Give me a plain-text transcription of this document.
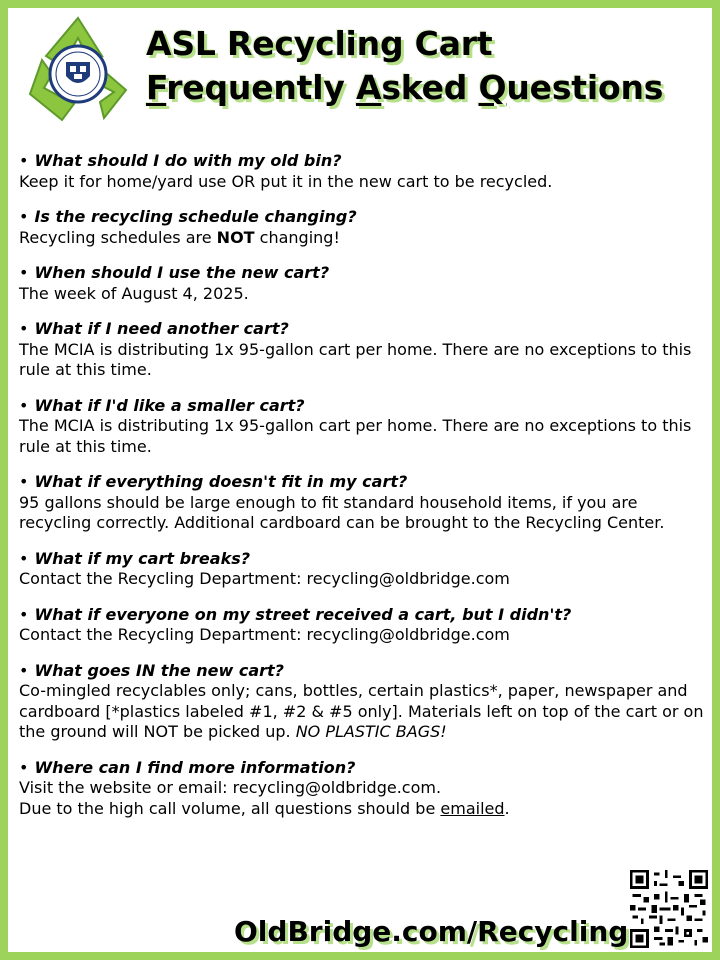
ASL Recycling Cart
Frequently Asked Questions
• What should I do with my old bin?
Keep it for home/yard use OR put it in the new cart to be recycled.
• Is the recycling schedule changing?
Recycling schedules are NOT changing!
• When should I use the new cart?
The week of August 4, 2025.
• What if I need another cart?
The MCIA is distributing 1x 95-gallon cart per home. There are no exceptions to this rule at this time.
• What if I'd like a smaller cart?
The MCIA is distributing 1x 95-gallon cart per home. There are no exceptions to this rule at this time.
• What if everything doesn't fit in my cart?
95 gallons should be large enough to fit standard household items, if you are recycling correctly. Additional cardboard can be brought to the Recycling Center.
• What if my cart breaks?
Contact the Recycling Department: recycling@oldbridge.com
• What if everyone on my street received a cart, but I didn't?
Contact the Recycling Department: recycling@oldbridge.com
• What goes IN the new cart?
Co-mingled recyclables only; cans, bottles, certain plastics*, paper, newspaper and cardboard [*plastics labeled #1, #2 & #5 only]. Materials left on top of the cart or on the ground will NOT be picked up. NO PLASTIC BAGS!
• Where can I find more information?
Visit the website or email: recycling@oldbridge.com.
Due to the high call volume, all questions should be emailed.
OldBridge.com/Recycling
